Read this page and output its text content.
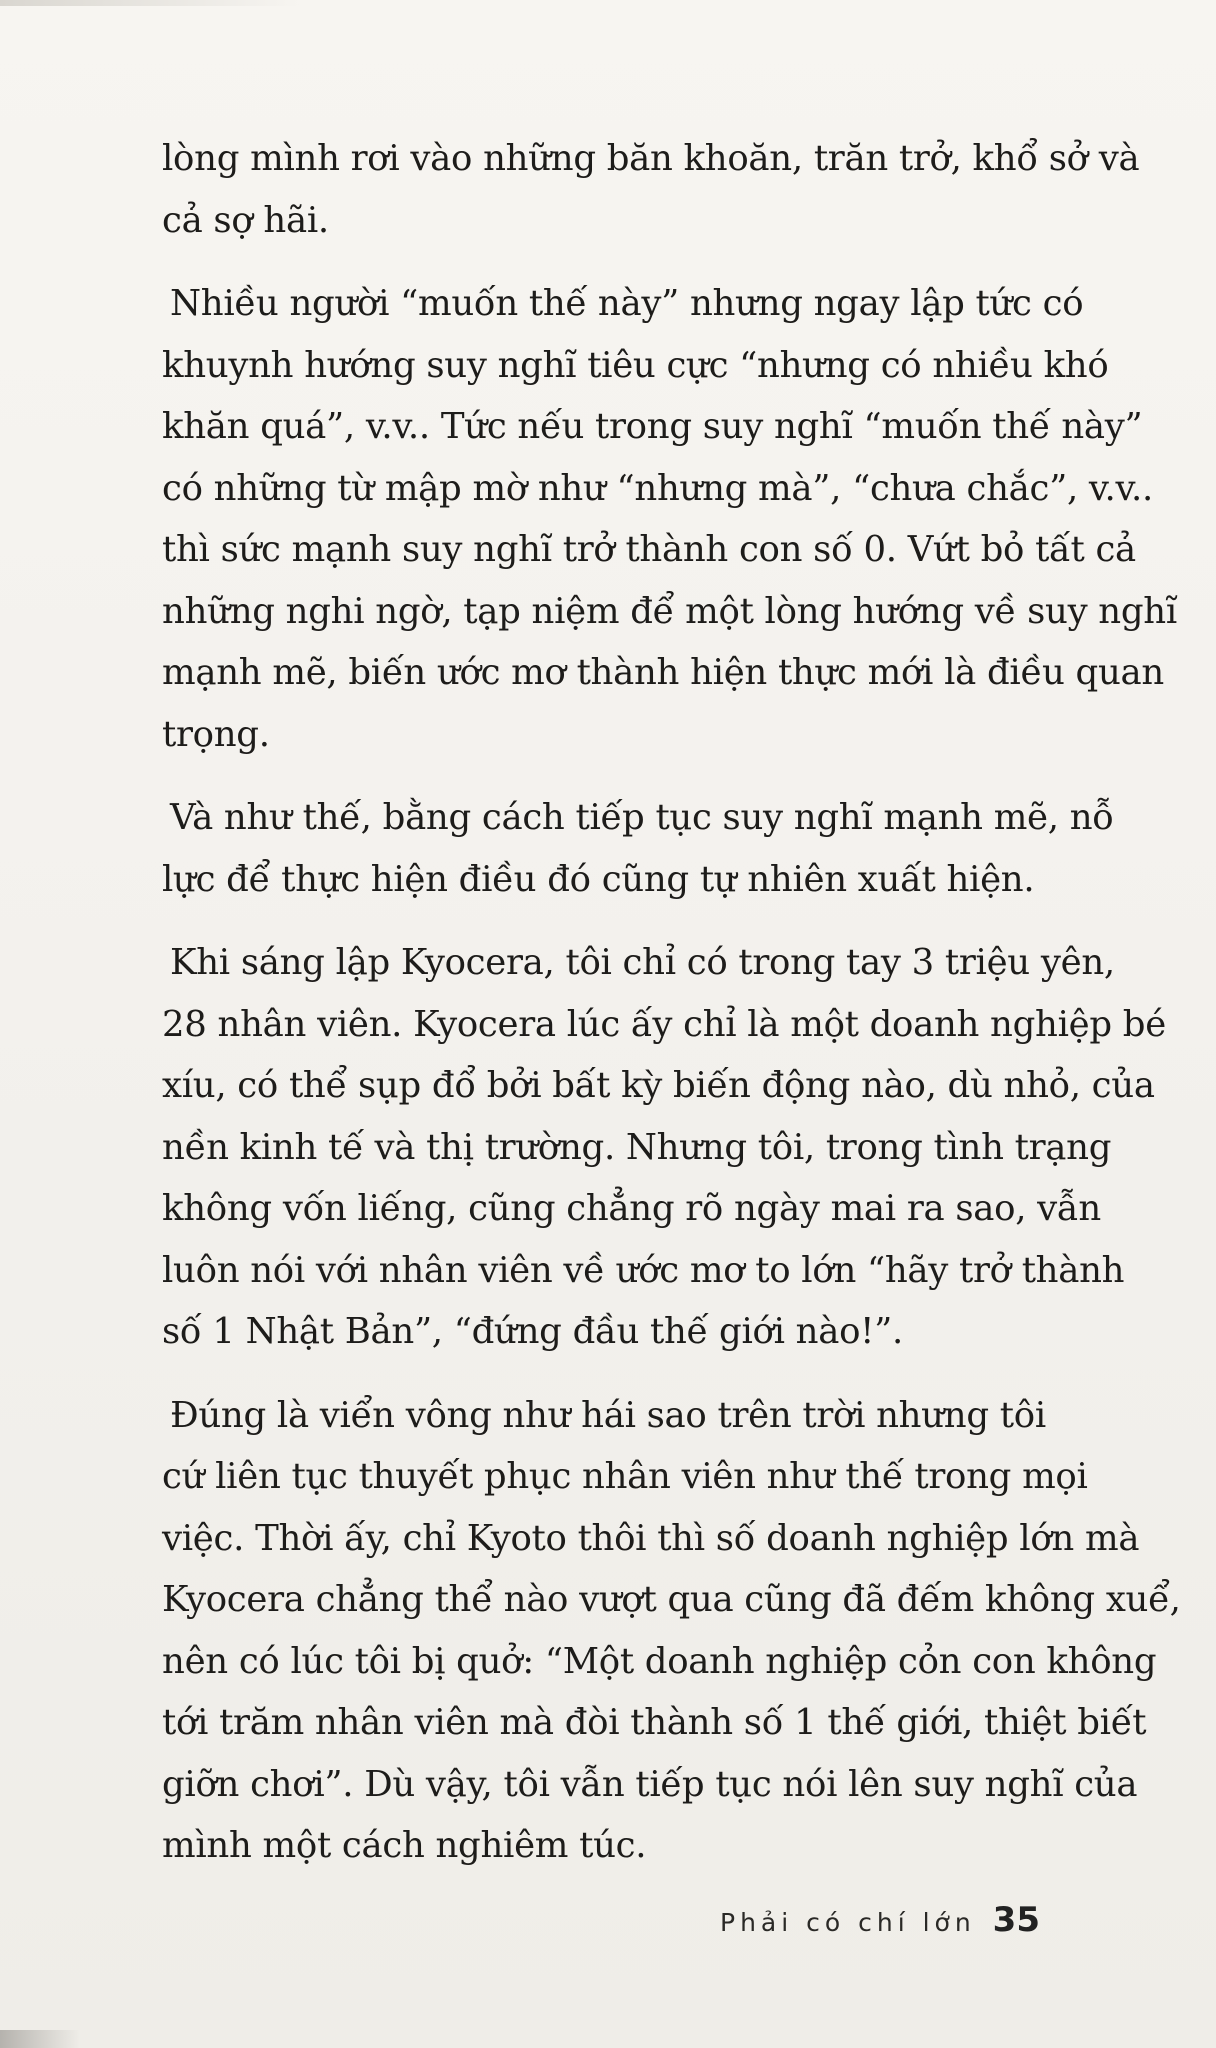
lòng mình rơi vào những băn khoăn, trăn trở, khổ sở và
cả sợ hãi.

Nhiều người “muốn thế này” nhưng ngay lập tức có
khuynh hướng suy nghĩ tiêu cực “nhưng có nhiều khó
khăn quá”, v.v.. Tức nếu trong suy nghĩ “muốn thế này”
có những từ mập mờ như “nhưng mà”, “chưa chắc”, v.v..
thì sức mạnh suy nghĩ trở thành con số 0. Vứt bỏ tất cả
những nghi ngờ, tạp niệm để một lòng hướng về suy nghĩ
mạnh mẽ, biến ước mơ thành hiện thực mới là điều quan
trọng.

Và như thế, bằng cách tiếp tục suy nghĩ mạnh mẽ, nỗ
lực để thực hiện điều đó cũng tự nhiên xuất hiện.

Khi sáng lập Kyocera, tôi chỉ có trong tay 3 triệu yên,
28 nhân viên. Kyocera lúc ấy chỉ là một doanh nghiệp bé
xíu, có thể sụp đổ bởi bất kỳ biến động nào, dù nhỏ, của
nền kinh tế và thị trường. Nhưng tôi, trong tình trạng
không vốn liếng, cũng chẳng rõ ngày mai ra sao, vẫn
luôn nói với nhân viên về ước mơ to lớn “hãy trở thành
số 1 Nhật Bản”, “đứng đầu thế giới nào!”.

Đúng là viển vông như hái sao trên trời nhưng tôi
cứ liên tục thuyết phục nhân viên như thế trong mọi
việc. Thời ấy, chỉ Kyoto thôi thì số doanh nghiệp lớn mà
Kyocera chẳng thể nào vượt qua cũng đã đếm không xuể,
nên có lúc tôi bị quở: “Một doanh nghiệp cỏn con không
tới trăm nhân viên mà đòi thành số 1 thế giới, thiệt biết
giỡn chơi”. Dù vậy, tôi vẫn tiếp tục nói lên suy nghĩ của
mình một cách nghiêm túc.

Phải có chí lớn 35
